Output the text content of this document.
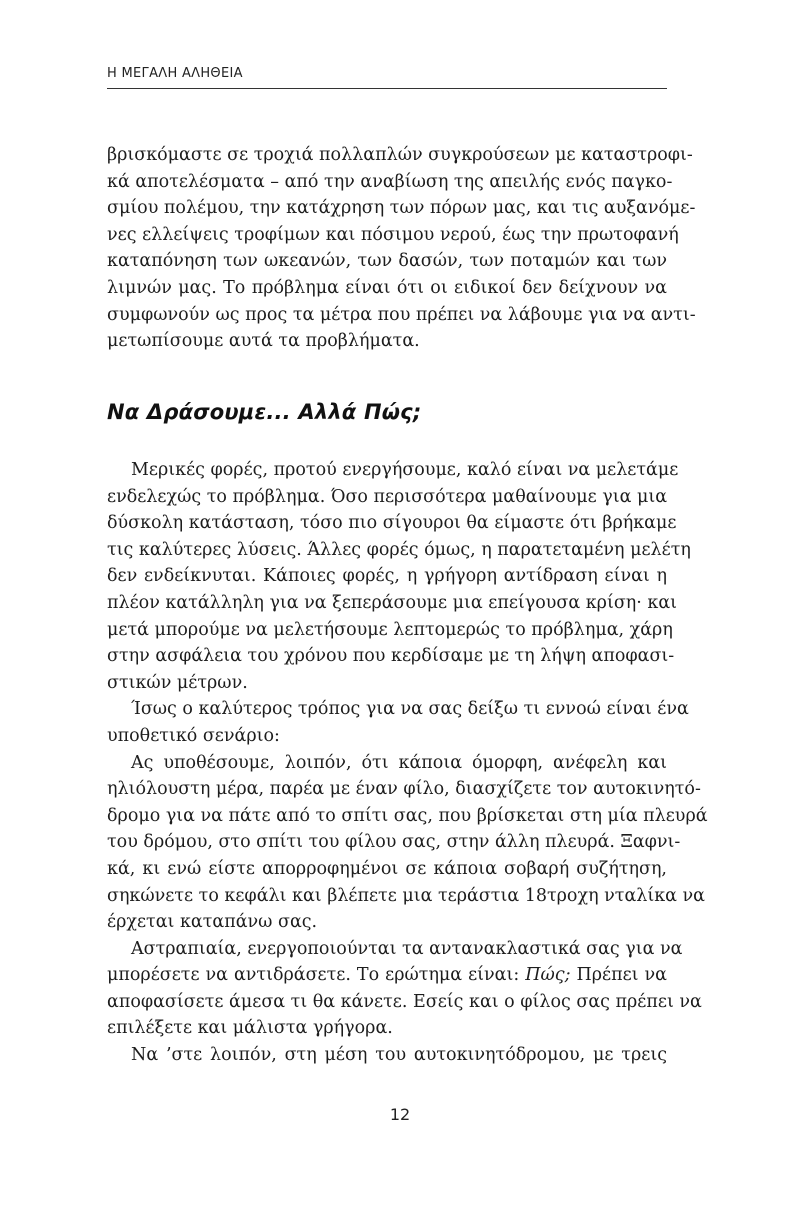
Η ΜΕΓΑΛΗ ΑΛΗΘΕΙΑ
βρισκόμαστε σε τροχιά πολλαπλών συγκρούσεων με καταστροφι-
κά αποτελέσματα – από την αναβίωση της απειλής ενός παγκο-
σμίου πολέμου, την κατάχρηση των πόρων μας, και τις αυξανόμε-
νες ελλείψεις τροφίμων και πόσιμου νερού, έως την πρωτοφανή
καταπόνηση των ωκεανών, των δασών, των ποταμών και των
λιμνών μας. Το πρόβλημα είναι ότι οι ειδικοί δεν δείχνουν να
συμφωνούν ως προς τα μέτρα που πρέπει να λάβουμε για να αντι-
μετωπίσουμε αυτά τα προβλήματα.
Να Δράσουμε... Αλλά Πώς;
Μερικές φορές, προτού ενεργήσουμε, καλό είναι να μελετάμε
ενδελεχώς το πρόβλημα. Όσο περισσότερα μαθαίνουμε για μια
δύσκολη κατάσταση, τόσο πιο σίγουροι θα είμαστε ότι βρήκαμε
τις καλύτερες λύσεις. Άλλες φορές όμως, η παρατεταμένη μελέτη
δεν ενδείκνυται. Κάποιες φορές, η γρήγορη αντίδραση είναι η
πλέον κατάλληλη για να ξεπεράσουμε μια επείγουσα κρίση· και
μετά μπορούμε να μελετήσουμε λεπτομερώς το πρόβλημα, χάρη
στην ασφάλεια του χρόνου που κερδίσαμε με τη λήψη αποφασι-
στικών μέτρων.
Ίσως ο καλύτερος τρόπος για να σας δείξω τι εννοώ είναι ένα
υποθετικό σενάριο:
Ας υποθέσουμε, λοιπόν, ότι κάποια όμορφη, ανέφελη και
ηλιόλουστη μέρα, παρέα με έναν φίλο, διασχίζετε τον αυτοκινητό-
δρομο για να πάτε από το σπίτι σας, που βρίσκεται στη μία πλευρά
του δρόμου, στο σπίτι του φίλου σας, στην άλλη πλευρά. Ξαφνι-
κά, κι ενώ είστε απορροφημένοι σε κάποια σοβαρή συζήτηση,
σηκώνετε το κεφάλι και βλέπετε μια τεράστια 18τροχη νταλίκα να
έρχεται καταπάνω σας.
Αστραπιαία, ενεργοποιούνται τα αντανακλαστικά σας για να
μπορέσετε να αντιδράσετε. Το ερώτημα είναι: Πώς; Πρέπει να
αποφασίσετε άμεσα τι θα κάνετε. Εσείς και ο φίλος σας πρέπει να
επιλέξετε και μάλιστα γρήγορα.
Να ’στε λοιπόν, στη μέση του αυτοκινητόδρομου, με τρεις
12
